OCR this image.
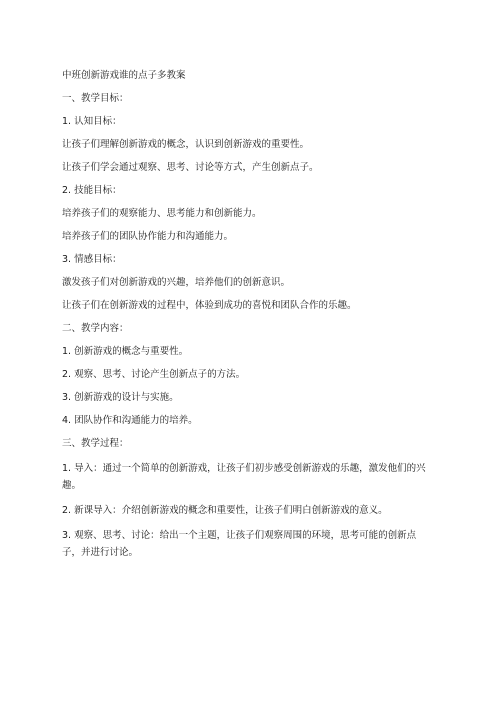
中班创新游戏谁的点子多教案

一、教学目标：

1. 认知目标：

让孩子们理解创新游戏的概念，认识到创新游戏的重要性。

让孩子们学会通过观察、思考、讨论等方式，产生创新点子。

2. 技能目标：

培养孩子们的观察能力、思考能力和创新能力。

培养孩子们的团队协作能力和沟通能力。

3. 情感目标：

激发孩子们对创新游戏的兴趣，培养他们的创新意识。

让孩子们在创新游戏的过程中，体验到成功的喜悦和团队合作的乐趣。

二、教学内容：

1. 创新游戏的概念与重要性。

2. 观察、思考、讨论产生创新点子的方法。

3. 创新游戏的设计与实施。

4. 团队协作和沟通能力的培养。

三、教学过程：

1. 导入：通过一个简单的创新游戏，让孩子们初步感受创新游戏的乐趣，激发他们的兴趣。

2. 新课导入：介绍创新游戏的概念和重要性，让孩子们明白创新游戏的意义。

3. 观察、思考、讨论：给出一个主题，让孩子们观察周围的环境，思考可能的创新点子，并进行讨论。
